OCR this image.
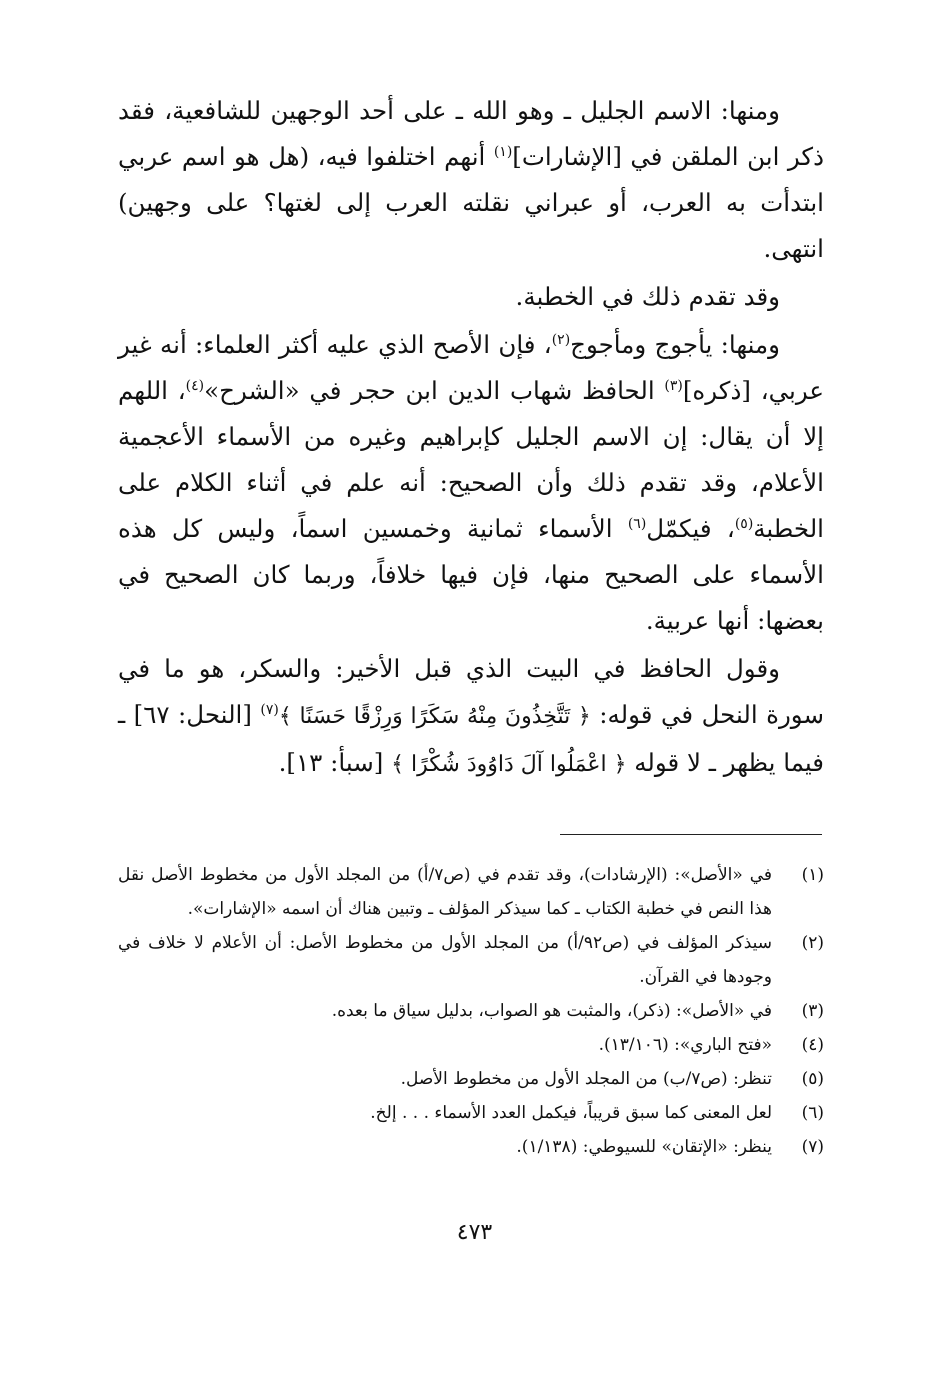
ومنها: الاسم الجليل ـ وهو الله ـ على أحد الوجهين للشافعية، فقد ذكر ابن الملقن في [الإشارات]$^{(١)}$ أنهم اختلفوا فيه، (هل هو اسم عربي ابتدأت به العرب، أو عبراني نقلته العرب إلى لغتها؟ على وجهين) انتهى.

وقد تقدم ذلك في الخطبة.

ومنها: يأجوج ومأجوج$^{(٢)}$، فإن الأصح الذي عليه أكثر العلماء: أنه غير عربي، [ذكره]$^{(٣)}$ الحافظ شهاب الدين ابن حجر في «الشرح»$^{(٤)}$، اللهم إلا أن يقال: إن الاسم الجليل كإبراهيم وغيره من الأسماء الأعجمية الأعلام، وقد تقدم ذلك وأن الصحيح: أنه علم في أثناء الكلام على الخطبة$^{(٥)}$، فيكمّل$^{(٦)}$ الأسماء ثمانية وخمسين اسماً، وليس كل هذه الأسماء على الصحيح منها، فإن فيها خلافاً، وربما كان الصحيح في بعضها: أنها عربية.

وقول الحافظ في البيت الذي قبل الأخير: والسكر، هو ما في سورة النحل في قوله: ﴿ تَتَّخِذُونَ مِنْهُ سَكَرًا وَرِزْقًا حَسَنًا ﴾$^{(٧)}$ [النحل: ٦٧] ـ فيما يظهر ـ لا قوله ﴿ اعْمَلُوا آلَ دَاوُودَ شُكْرًا ﴾ [سبأ: ١٣].

(١)
في «الأصل»: (الإرشادات)، وقد تقدم في (ص٧/أ) من المجلد الأول من مخطوط الأصل نقل هذا النص في خطبة الكتاب ـ كما سيذكر المؤلف ـ وتبين هناك أن اسمه «الإشارات».
(٢)
سيذكر المؤلف في (ص٩٢/أ) من المجلد الأول من مخطوط الأصل: أن الأعلام لا خلاف في وجودها في القرآن.
(٣)
في «الأصل»: (ذكر)، والمثبت هو الصواب، بدليل سياق ما بعده.
(٤)
«فتح الباري»: (١٣/١٠٦).
(٥)
تنظر: (ص٧/ب) من المجلد الأول من مخطوط الأصل.
(٦)
لعل المعنى كما سبق قريباً، فيكمل العدد الأسماء . . . إلخ.
(٧)
ينظر: «الإتقان» للسيوطي: (١/١٣٨).
٤٧٣
